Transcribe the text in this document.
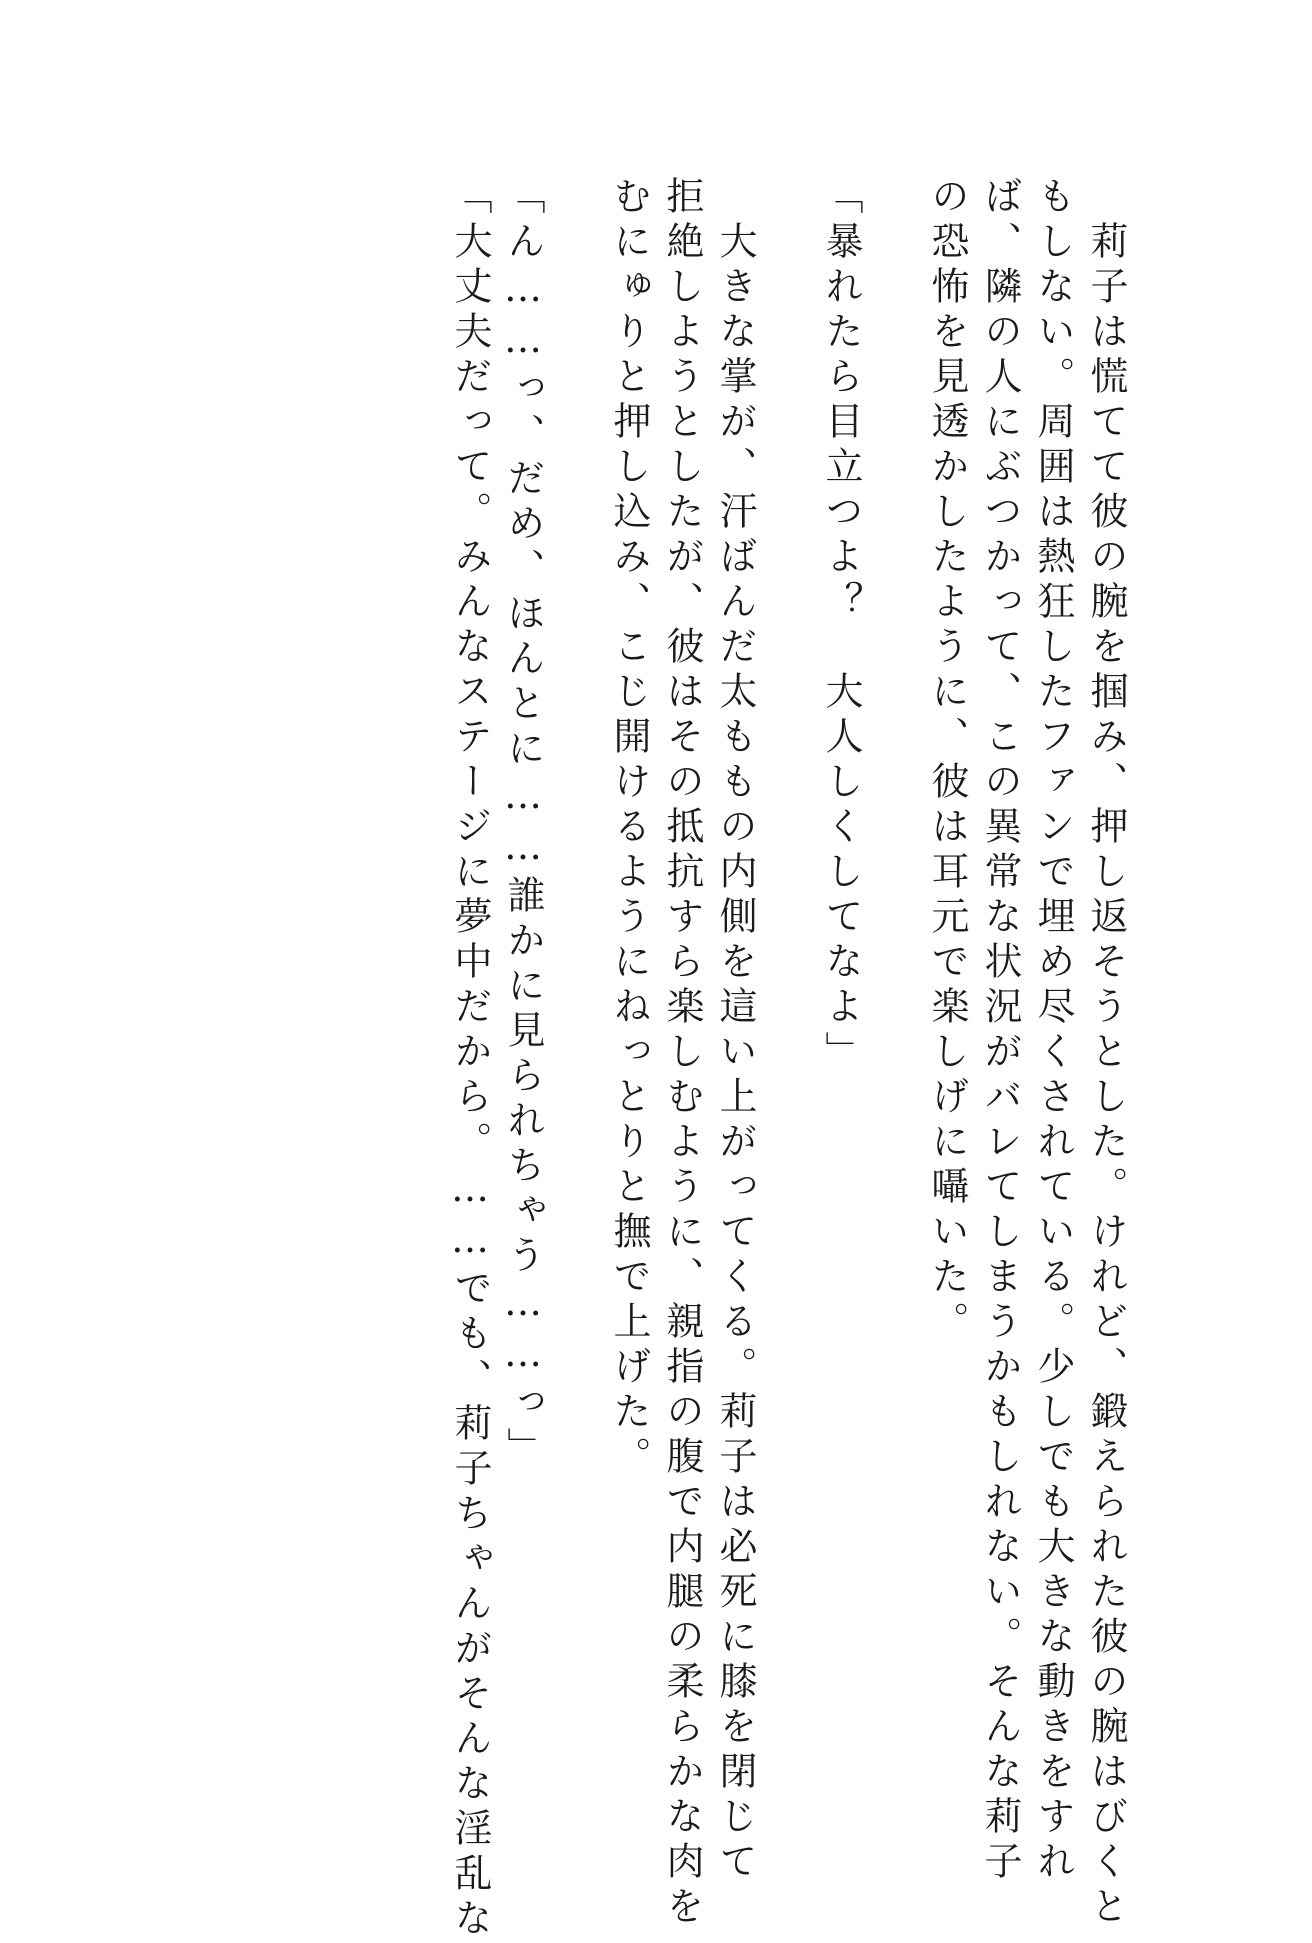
　莉子は慌てて彼の腕を掴み、押し返そうとした。けれど、鍛えられた彼の腕はびくと
もしない。周囲は熱狂したファンで埋め尽くされている。少しでも大きな動きをすれ
ば、隣の人にぶつかって、この異常な状況がバレてしまうかもしれない。そんな莉子
の恐怖を見透かしたように、彼は耳元で楽しげに囁いた。
「暴れたら目立つよ？　大人しくしてなよ」
　大きな掌が、汗ばんだ太ももの内側を這い上がってくる。莉子は必死に膝を閉じて
拒絶しようとしたが、彼はその抵抗すら楽しむように、親指の腹で内腿の柔らかな肉を
むにゅりと押し込み、こじ開けるようにねっとりと撫で上げた。
「ん……っ、だめ、ほんとに……誰かに見られちゃう……っ」
「大丈夫だって。みんなステージに夢中だから。……でも、莉子ちゃんがそんな淫乱な
